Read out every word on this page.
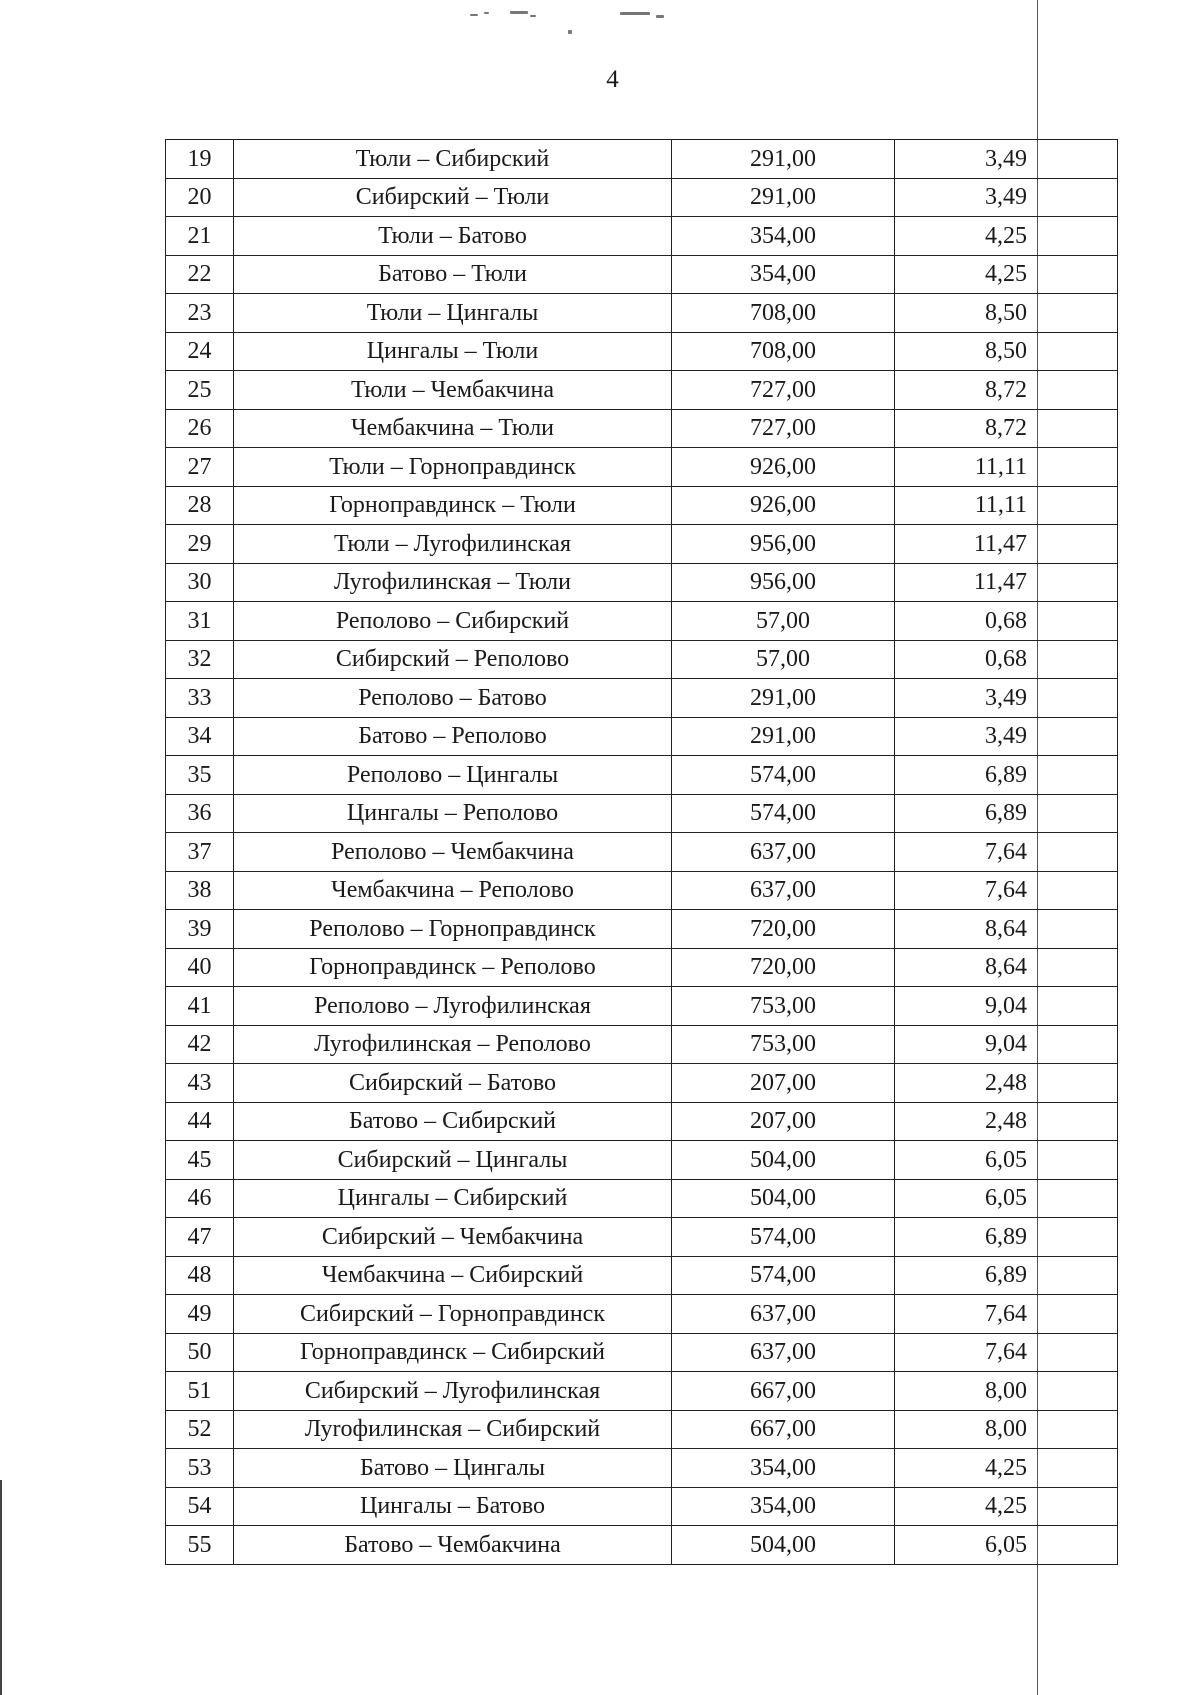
4
19	Тюли – Сибирский	291,00	3,49
20	Сибирский – Тюли	291,00	3,49
21	Тюли – Батово	354,00	4,25
22	Батово – Тюли	354,00	4,25
23	Тюли – Цингалы	708,00	8,50
24	Цингалы – Тюли	708,00	8,50
25	Тюли – Чембакчина	727,00	8,72
26	Чембакчина – Тюли	727,00	8,72
27	Тюли – Горноправдинск	926,00	11,11
28	Горноправдинск – Тюли	926,00	11,11
29	Тюли – Луrофилинская	956,00	11,47
30	Луrофилинская – Тюли	956,00	11,47
31	Реполово – Сибирский	57,00	0,68
32	Сибирский – Реполово	57,00	0,68
33	Реполово – Батово	291,00	3,49
34	Батово – Реполово	291,00	3,49
35	Реполово – Цингалы	574,00	6,89
36	Цингалы – Реполово	574,00	6,89
37	Реполово – Чембакчина	637,00	7,64
38	Чембакчина – Реполово	637,00	7,64
39	Реполово – Горноправдинск	720,00	8,64
40	Горноправдинск – Реполово	720,00	8,64
41	Реполово – Луrофилинская	753,00	9,04
42	Луrофилинская – Реполово	753,00	9,04
43	Сибирский – Батово	207,00	2,48
44	Батово – Сибирский	207,00	2,48
45	Сибирский – Цингалы	504,00	6,05
46	Цингалы – Сибирский	504,00	6,05
47	Сибирский – Чембакчина	574,00	6,89
48	Чембакчина – Сибирский	574,00	6,89
49	Сибирский – Горноправдинск	637,00	7,64
50	Горноправдинск – Сибирский	637,00	7,64
51	Сибирский – Луrофилинская	667,00	8,00
52	Луrофилинская – Сибирский	667,00	8,00
53	Батово – Цингалы	354,00	4,25
54	Цингалы – Батово	354,00	4,25
55	Батово – Чембакчина	504,00	6,05
